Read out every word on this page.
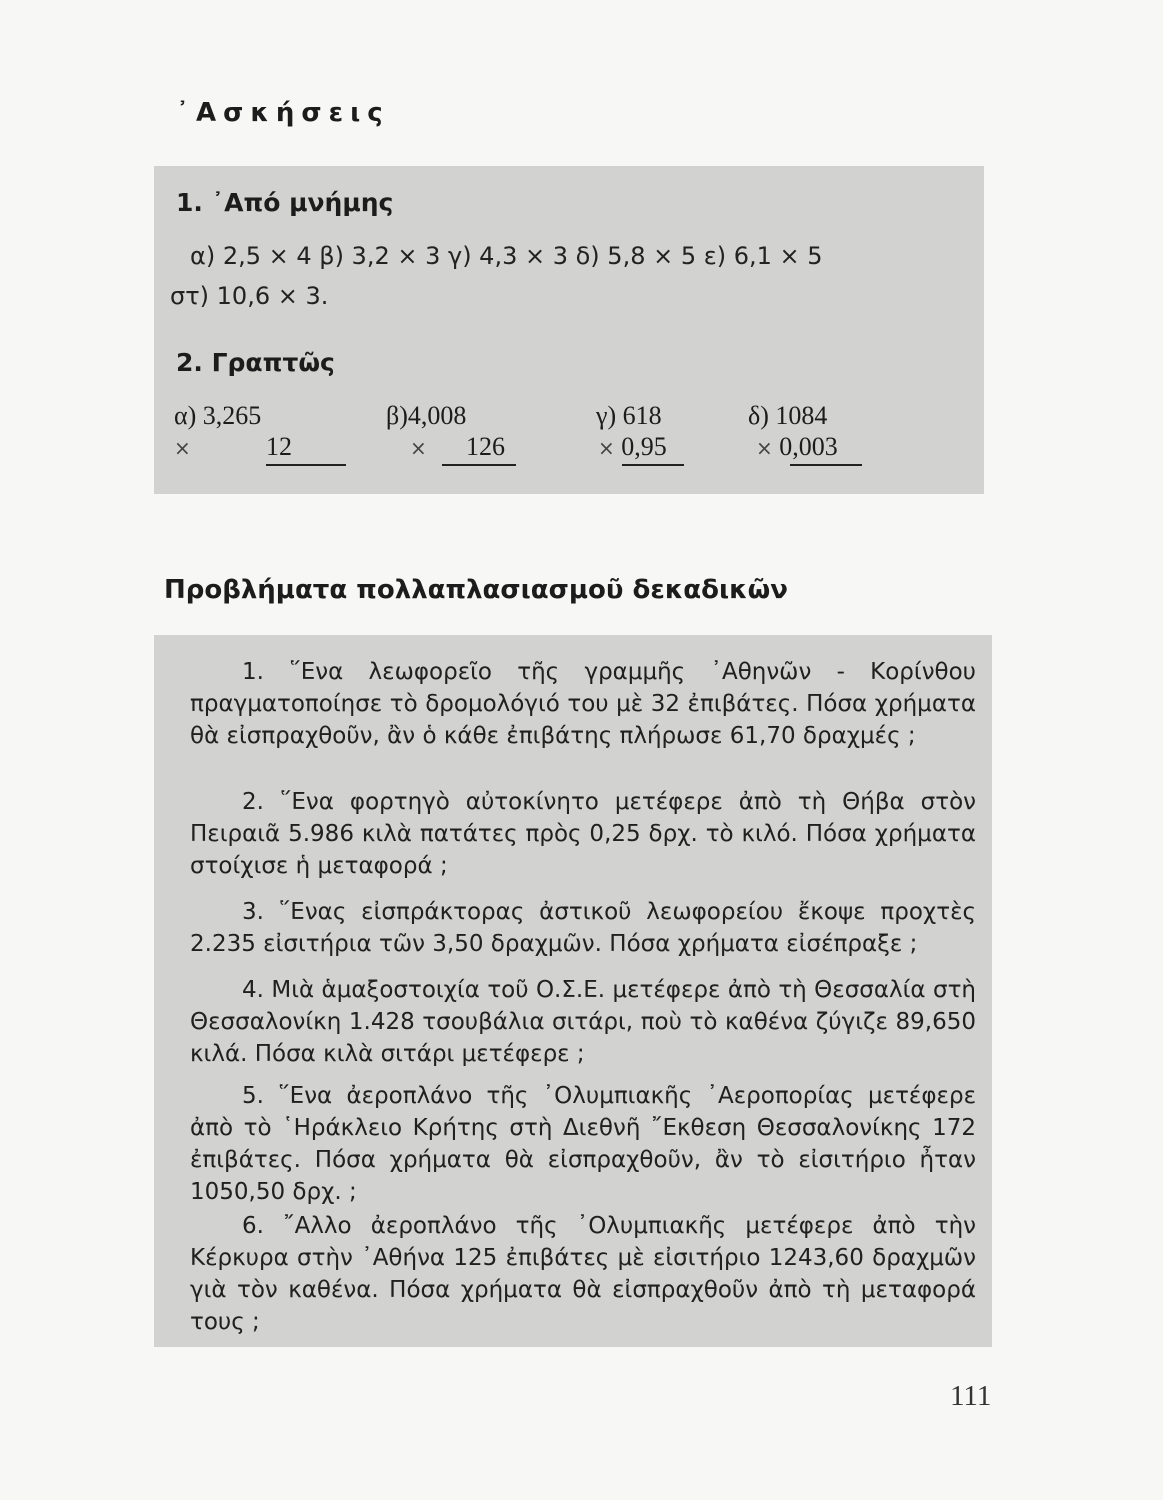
᾿Ασκήσεις
1. ᾿Από μνήμης
α) 2,5 × 4 β) 3,2 × 3 γ) 4,3 × 3 δ) 5,8 × 5 ε) 6,1 × 5
στ) 10,6 × 3.
2. Γραπτῶς
α) 3,265
×	12
β)4,008
× 126
γ) 618
× 0,95
δ) 1084
× 0,003
Προβλήματα πολλαπλασιασμοῦ δεκαδικῶν

1. ῞Ενα λεωφορεῖο τῆς γραμμῆς ᾿Αθηνῶν - Κορίνθου πραγματοποίησε τὸ δρομολόγιό του μὲ 32 ἐπιβάτες. Πόσα χρήματα θὰ εἰσπραχθοῦν, ἂν ὁ κάθε ἐπιβάτης πλήρωσε 61,70 δραχμές ;

2. ῞Ενα φορτηγὸ αὐτοκίνητο μετέφερε ἀπὸ τὴ Θήβα στὸν Πειραιᾶ 5.986 κιλὰ πατάτες πρὸς 0,25 δρχ. τὸ κιλό. Πόσα χρήματα στοίχισε ἡ μεταφορά ;

3. ῞Ενας εἰσπράκτορας ἀστικοῦ λεωφορείου ἔκοψε προχτὲς 2.235 εἰσιτήρια τῶν 3,50 δραχμῶν. Πόσα χρήματα εἰσέπραξε ;

4. Μιὰ ἁμαξοστοιχία τοῦ Ο.Σ.Ε. μετέφερε ἀπὸ τὴ Θεσσαλία στὴ Θεσσαλονίκη 1.428 τσουβάλια σιτάρι, ποὺ τὸ καθένα ζύγιζε 89,650 κιλά. Πόσα κιλὰ σιτάρι μετέφερε ;

5. ῞Ενα ἀεροπλάνο τῆς ᾿Ολυμπιακῆς ᾿Αεροπορίας μετέφερε ἀπὸ τὸ ῾Ηράκλειο Κρήτης στὴ Διεθνῆ ῎Εκθεση Θεσσαλονίκης 172 ἐπιβάτες. Πόσα χρήματα θὰ εἰσπραχθοῦν, ἂν τὸ εἰσιτήριο ἦταν 1050,50 δρχ. ;

6. ῎Αλλο ἀεροπλάνο τῆς ᾿Ολυμπιακῆς μετέφερε ἀπὸ τὴν Κέρκυρα στὴν ᾿Αθήνα 125 ἐπιβάτες μὲ εἰσιτήριο 1243,60 δραχμῶν γιὰ τὸν καθένα. Πόσα χρήματα θὰ εἰσπραχθοῦν ἀπὸ τὴ μεταφορά τους ;

111
